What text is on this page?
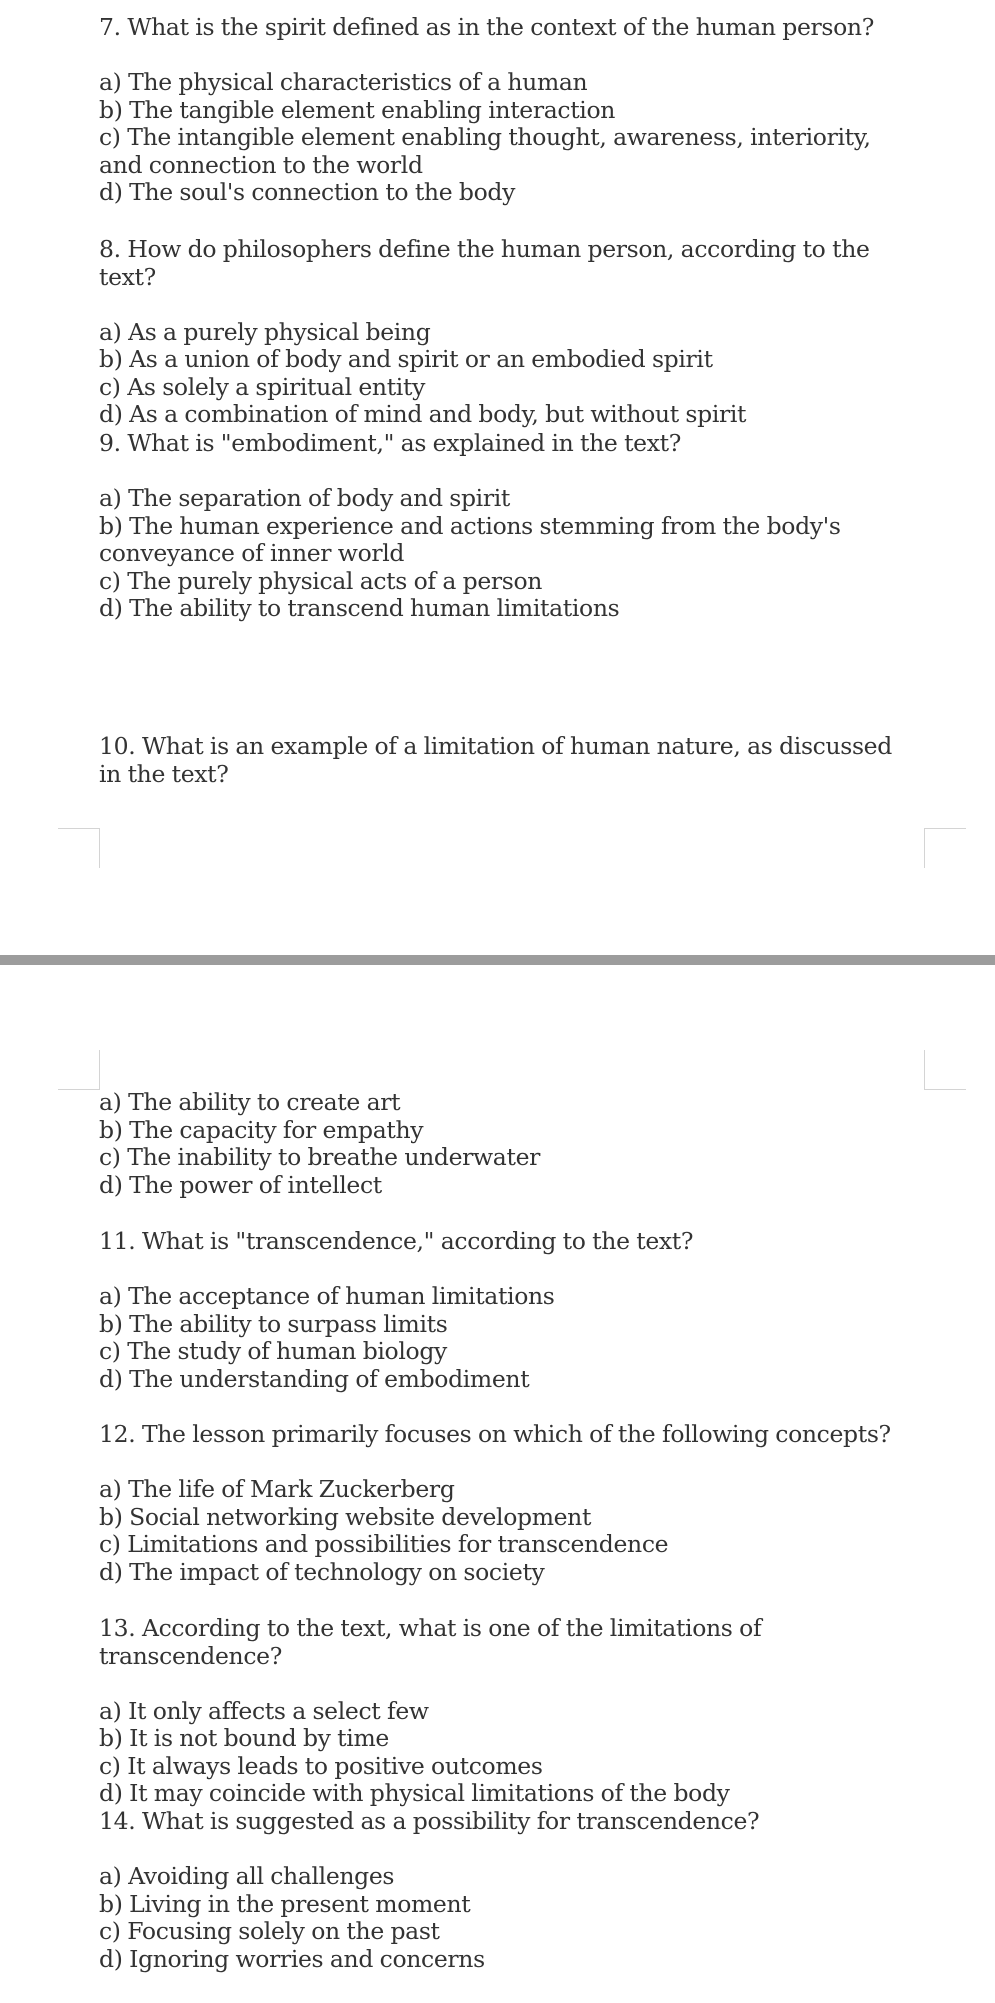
7. What is the spirit defined as in the context of the human person?
a) The physical characteristics of a human
b) The tangible element enabling interaction
c) The intangible element enabling thought, awareness, interiority, and connection to the world
d) The soul's connection to the body
8. How do philosophers define the human person, according to the text?
a) As a purely physical being
b) As a union of body and spirit or an embodied spirit
c) As solely a spiritual entity
d) As a combination of mind and body, but without spirit
9. What is "embodiment," as explained in the text?
a) The separation of body and spirit
b) The human experience and actions stemming from the body's conveyance of inner world
c) The purely physical acts of a person
d) The ability to transcend human limitations
10. What is an example of a limitation of human nature, as discussed in the text?
a) The ability to create art
b) The capacity for empathy
c) The inability to breathe underwater
d) The power of intellect
11. What is "transcendence," according to the text?
a) The acceptance of human limitations
b) The ability to surpass limits
c) The study of human biology
d) The understanding of embodiment
12. The lesson primarily focuses on which of the following concepts?
a) The life of Mark Zuckerberg
b) Social networking website development
c) Limitations and possibilities for transcendence
d) The impact of technology on society
13. According to the text, what is one of the limitations of transcendence?
a) It only affects a select few
b) It is not bound by time
c) It always leads to positive outcomes
d) It may coincide with physical limitations of the body
14. What is suggested as a possibility for transcendence?
a) Avoiding all challenges
b) Living in the present moment
c) Focusing solely on the past
d) Ignoring worries and concerns
